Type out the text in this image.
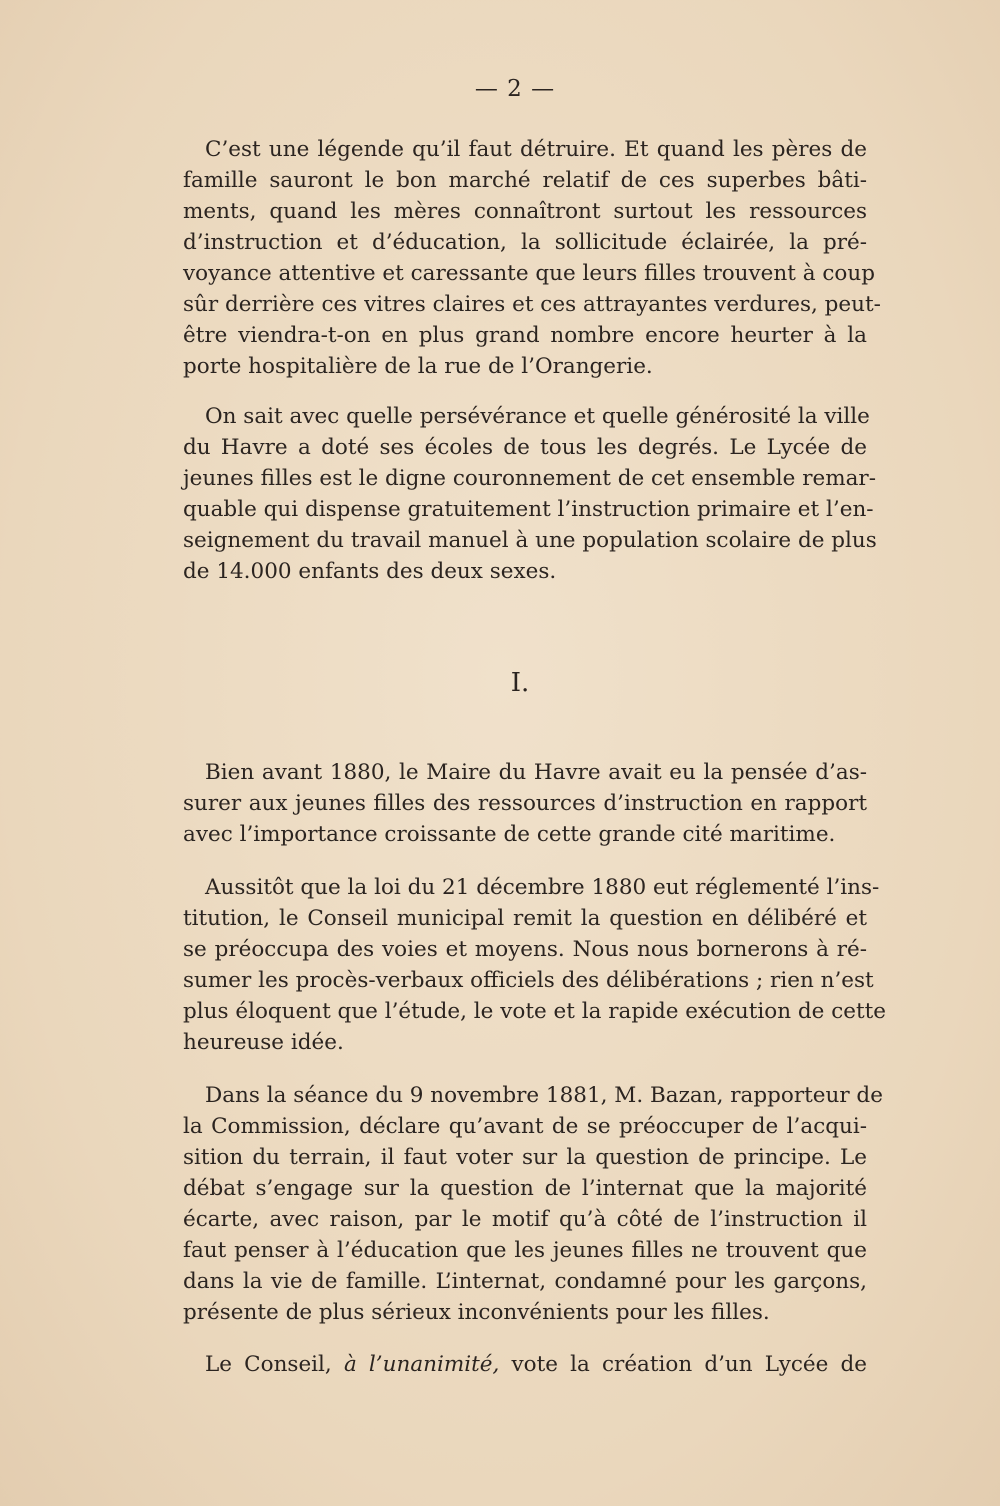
— 2 —
C’est une légende qu’il faut détruire. Et quand les pères de
famille sauront le bon marché relatif de ces superbes bâti-
ments, quand les mères connaîtront surtout les ressources
d’instruction et d’éducation, la sollicitude éclairée, la pré-
voyance attentive et caressante que leurs filles trouvent à coup
sûr derrière ces vitres claires et ces attrayantes verdures, peut-
être viendra-t-on en plus grand nombre encore heurter à la
porte hospitalière de la rue de l’Orangerie.
On sait avec quelle persévérance et quelle générosité la ville
du Havre a doté ses écoles de tous les degrés. Le Lycée de
jeunes filles est le digne couronnement de cet ensemble remar-
quable qui dispense gratuitement l’instruction primaire et l’en-
seignement du travail manuel à une population scolaire de plus
de 14.000 enfants des deux sexes.
I.
Bien avant 1880, le Maire du Havre avait eu la pensée d’as-
surer aux jeunes filles des ressources d’instruction en rapport
avec l’importance croissante de cette grande cité maritime.
Aussitôt que la loi du 21 décembre 1880 eut réglementé l’ins-
titution, le Conseil municipal remit la question en délibéré et
se préoccupa des voies et moyens. Nous nous bornerons à ré-
sumer les procès-verbaux officiels des délibérations ; rien n’est
plus éloquent que l’étude, le vote et la rapide exécution de cette
heureuse idée.
Dans la séance du 9 novembre 1881, M. Bazan, rapporteur de
la Commission, déclare qu’avant de se préoccuper de l’acqui-
sition du terrain, il faut voter sur la question de principe. Le
débat s’engage sur la question de l’internat que la majorité
écarte, avec raison, par le motif qu’à côté de l’instruction il
faut penser à l’éducation que les jeunes filles ne trouvent que
dans la vie de famille. L’internat, condamné pour les garçons,
présente de plus sérieux inconvénients pour les filles.
Le Conseil, à l’unanimité, vote la création d’un Lycée de
